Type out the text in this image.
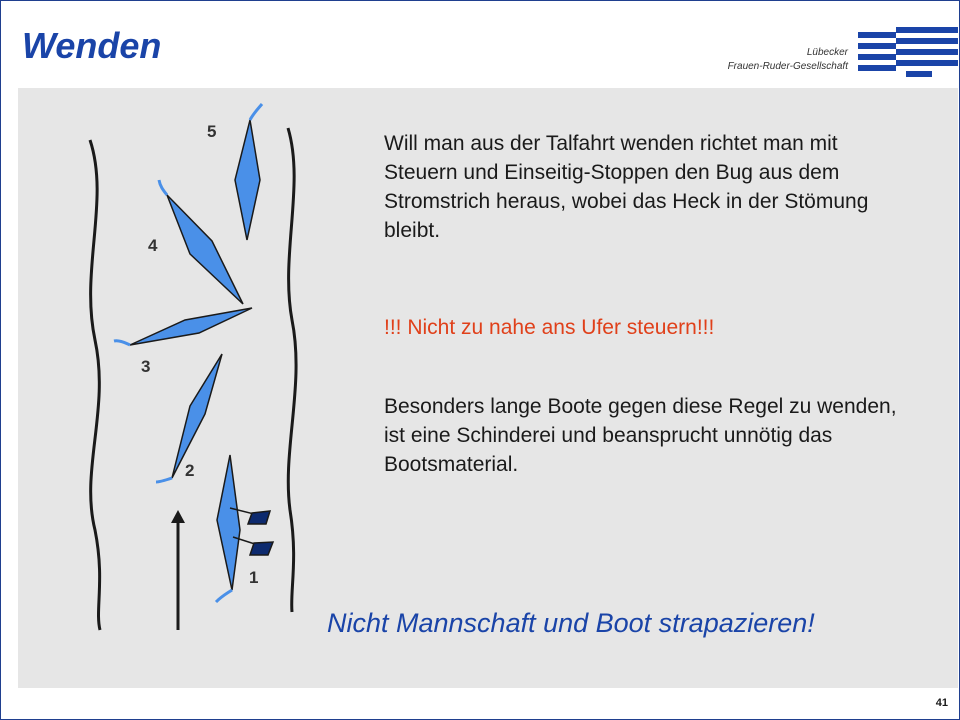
Wenden	Lübecker
Frauen-Ruder-Gesellschaft
5
4
3
2
1

Will man aus der Talfahrt wenden richtet man mit Steuern und Einseitig-Stoppen den Bug aus dem Stromstrich heraus, wobei das Heck in der Stömung bleibt.

!!! Nicht zu nahe ans Ufer steuern!!!

Besonders lange Boote gegen diese Regel zu wenden, ist eine Schinderei und beansprucht unnötig das Bootsmaterial.

Nicht Mannschaft und Boot strapazieren!

41
